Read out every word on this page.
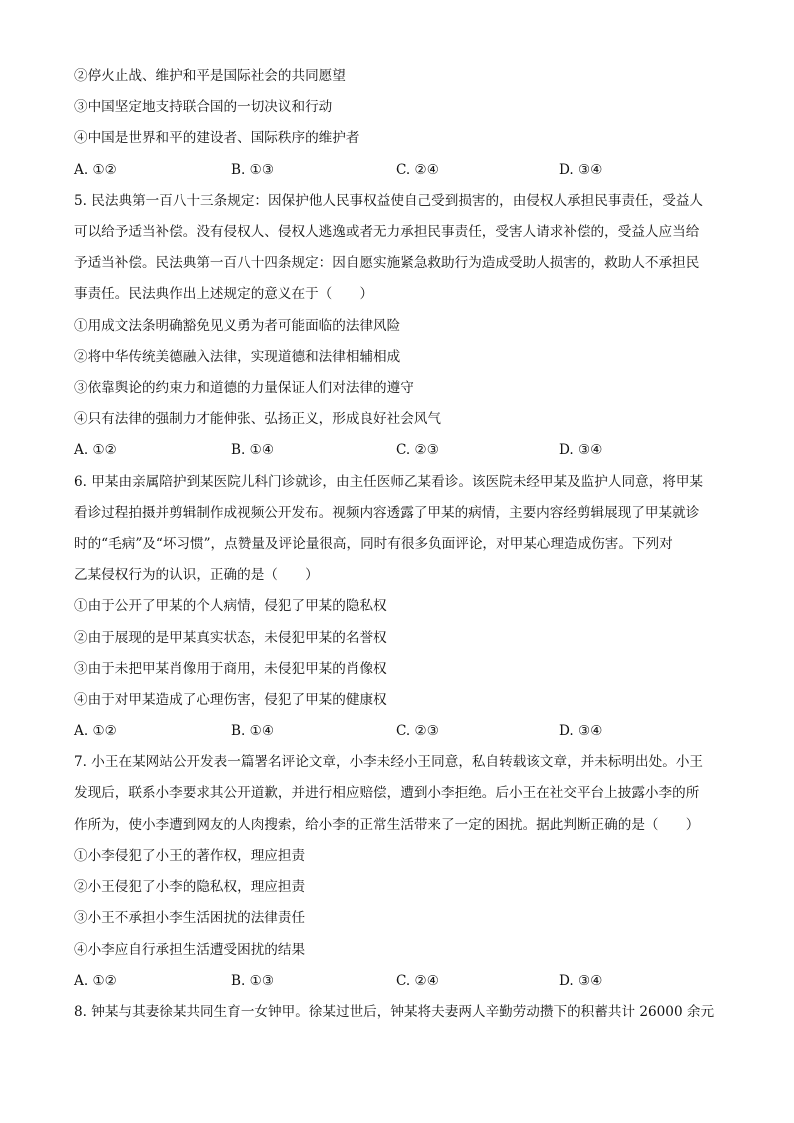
②停火止战、维护和平是国际社会的共同愿望
③中国坚定地支持联合国的一切决议和行动
④中国是世界和平的建设者、国际秩序的维护者
A. ①②	B. ①③	C. ②④	D. ③④
5. 民法典第一百八十三条规定：因保护他人民事权益使自己受到损害的，由侵权人承担民事责任，受益人
可以给予适当补偿。没有侵权人、侵权人逃逸或者无力承担民事责任，受害人请求补偿的，受益人应当给
予适当补偿。民法典第一百八十四条规定：因自愿实施紧急救助行为造成受助人损害的，救助人不承担民
事责任。民法典作出上述规定的意义在于（　　）
①用成文法条明确豁免见义勇为者可能面临的法律风险
②将中华传统美德融入法律，实现道德和法律相辅相成
③依靠舆论的约束力和道德的力量保证人们对法律的遵守
④只有法律的强制力才能伸张、弘扬正义，形成良好社会风气
A. ①②	B. ①④	C. ②③	D. ③④
6. 甲某由亲属陪护到某医院儿科门诊就诊，由主任医师乙某看诊。该医院未经甲某及监护人同意，将甲某
看诊过程拍摄并剪辑制作成视频公开发布。视频内容透露了甲某的病情，主要内容经剪辑展现了甲某就诊
时的“毛病”及“坏习惯”，点赞量及评论量很高，同时有很多负面评论，对甲某心理造成伤害。下列对
乙某侵权行为的认识，正确的是（　　）
①由于公开了甲某的个人病情，侵犯了甲某的隐私权
②由于展现的是甲某真实状态，未侵犯甲某的名誉权
③由于未把甲某肖像用于商用，未侵犯甲某的肖像权
④由于对甲某造成了心理伤害，侵犯了甲某的健康权
A. ①②	B. ①④	C. ②③	D. ③④
7. 小王在某网站公开发表一篇署名评论文章，小李未经小王同意，私自转载该文章，并未标明出处。小王
发现后，联系小李要求其公开道歉，并进行相应赔偿，遭到小李拒绝。后小王在社交平台上披露小李的所
作所为，使小李遭到网友的人肉搜索，给小李的正常生活带来了一定的困扰。据此判断正确的是（　　）
①小李侵犯了小王的著作权，理应担责
②小王侵犯了小李的隐私权，理应担责
③小王不承担小李生活困扰的法律责任
④小李应自行承担生活遭受困扰的结果
A. ①②	B. ①③	C. ②④	D. ③④
8. 钟某与其妻徐某共同生育一女钟甲。徐某过世后，钟某将夫妻两人辛勤劳动攒下的积蓄共计 26000 余元
